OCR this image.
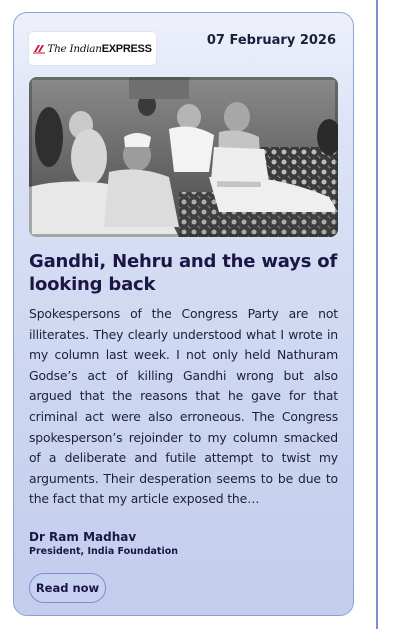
The Indian EXPRESS
07 February 2026
Gandhi, Nehru and the ways of looking back

Spokespersons of the Congress Party are not illiterates. They clearly understood what I wrote in my column last week. I not only held Nathuram Godse’s act of killing Gandhi wrong but also argued that the reasons that he gave for that criminal act were also erroneous. The Congress spokesperson’s rejoinder to my column smacked of a deliberate and futile attempt to twist my arguments. Their desperation seems to be due to the fact that my article exposed the…

Dr Ram Madhav
President, India Foundation
Read now
